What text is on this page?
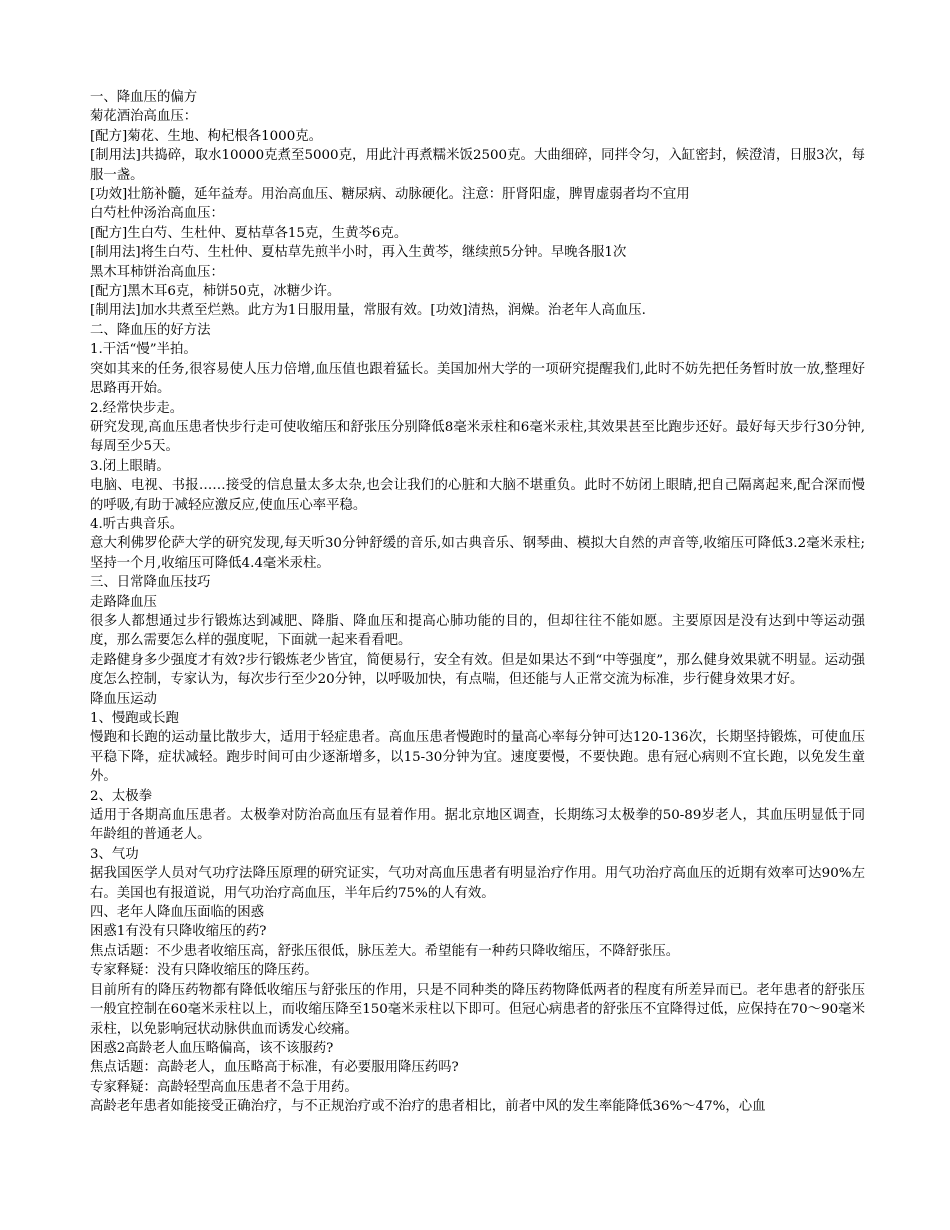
一、降血压的偏方

菊花酒治高血压：

[配方]菊花、生地、枸杞根各1000克。

[制用法]共捣碎，取水10000克煮至5000克，用此汁再煮糯米饭2500克。大曲细碎，同拌令匀，入缸密封，候澄清，日服3次，每服一盏。

[功效]壮筋补髓，延年益寿。用治高血压、糖尿病、动脉硬化。注意：肝肾阳虚，脾胃虚弱者均不宜用

白芍杜仲汤治高血压：

[配方]生白芍、生杜仲、夏枯草各15克，生黄芩6克。

[制用法]将生白芍、生杜仲、夏枯草先煎半小时，再入生黄芩，继续煎5分钟。早晚各服1次

黑木耳柿饼治高血压：

[配方]黑木耳6克，柿饼50克，冰糖少许。

[制用法]加水共煮至烂熟。此方为1日服用量，常服有效。[功效]清热，润燥。治老年人高血压.

二、降血压的好方法

1.干活“慢”半拍。

突如其来的任务,很容易使人压力倍增,血压值也跟着猛长。美国加州大学的一项研究提醒我们,此时不妨先把任务暂时放一放,整理好思路再开始。

2.经常快步走。

研究发现,高血压患者快步行走可使收缩压和舒张压分别降低8毫米汞柱和6毫米汞柱,其效果甚至比跑步还好。最好每天步行30分钟,每周至少5天。

3.闭上眼睛。

电脑、电视、书报……接受的信息量太多太杂,也会让我们的心脏和大脑不堪重负。此时不妨闭上眼睛,把自己隔离起来,配合深而慢的呼吸,有助于减轻应激反应,使血压心率平稳。

4.听古典音乐。

意大利佛罗伦萨大学的研究发现,每天听30分钟舒缓的音乐,如古典音乐、钢琴曲、模拟大自然的声音等,收缩压可降低3.2毫米汞柱;坚持一个月,收缩压可降低4.4毫米汞柱。

三、日常降血压技巧

走路降血压

很多人都想通过步行锻炼达到减肥、降脂、降血压和提高心肺功能的目的，但却往往不能如愿。主要原因是没有达到中等运动强度，那么需要怎么样的强度呢，下面就一起来看看吧。

走路健身多少强度才有效?步行锻炼老少皆宜，简便易行，安全有效。但是如果达不到“中等强度”，那么健身效果就不明显。运动强度怎么控制，专家认为，每次步行至少20分钟，以呼吸加快，有点喘，但还能与人正常交流为标准，步行健身效果才好。

降血压运动

1、慢跑或长跑

慢跑和长跑的运动量比散步大，适用于轻症患者。高血压患者慢跑时的量高心率每分钟可达120-136次，长期坚持锻炼，可使血压平稳下降，症状减轻。跑步时间可由少逐渐增多，以15-30分钟为宜。速度要慢，不要快跑。患有冠心病则不宜长跑，以免发生童外。

2、太极拳

适用于各期高血压患者。太极拳对防治高血压有显着作用。据北京地区调查，长期练习太极拳的50-89岁老人，其血压明显低于同年龄组的普通老人。

3、气功

据我国医学人员对气功疗法降压原理的研究证实，气功对高血压患者有明显治疗作用。用气功治疗高血压的近期有效率可达90%左右。美国也有报道说，用气功治疗高血压，半年后约75%的人有效。

四、老年人降血压面临的困惑

困惑1有没有只降收缩压的药?

焦点话题：不少患者收缩压高，舒张压很低，脉压差大。希望能有一种药只降收缩压，不降舒张压。

专家释疑：没有只降收缩压的降压药。

目前所有的降压药物都有降低收缩压与舒张压的作用，只是不同种类的降压药物降低两者的程度有所差异而已。老年患者的舒张压一般宜控制在60毫米汞柱以上，而收缩压降至150毫米汞柱以下即可。但冠心病患者的舒张压不宜降得过低，应保持在70～90毫米汞柱，以免影响冠状动脉供血而诱发心绞痛。

困惑2高龄老人血压略偏高，该不该服药?

焦点话题：高龄老人，血压略高于标准，有必要服用降压药吗?

专家释疑：高龄轻型高血压患者不急于用药。

高龄老年患者如能接受正确治疗，与不正规治疗或不治疗的患者相比，前者中风的发生率能降低36%～47%，心血
